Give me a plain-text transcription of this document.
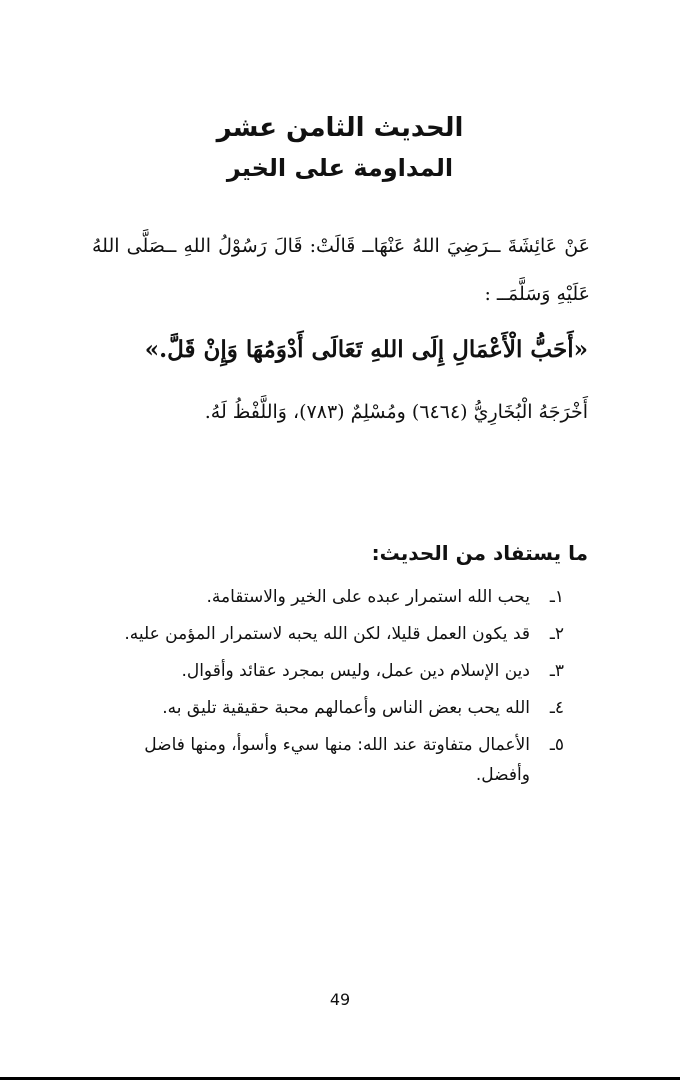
الحديث الثامن عشر
المداومة على الخير

عَنْ عَائِشَةَ ــرَضِيَ اللهُ عَنْهَاــ قَالَتْ: قَالَ رَسُوْلُ اللهِ ــصَلَّى اللهُ عَلَيْهِ وَسَلَّمَــ :

«أَحَبُّ الْأَعْمَالِ إِلَى اللهِ تَعَالَى أَدْوَمُهَا وَإِنْ قَلَّ.»

أَخْرَجَهُ الْبُخَارِيُّ (٦٤٦٤) ومُسْلِمٌ (٧٨٣)، وَاللَّفْظُ لَهُ.

ما يستفاد من الحديث:
١ـ
يحب الله استمرار عبده على الخير والاستقامة.
٢ـ
قد يكون العمل قليلا، لكن الله يحبه لاستمرار المؤمن عليه.
٣ـ
دين الإسلام دين عمل، وليس بمجرد عقائد وأقوال.
٤ـ
الله يحب بعض الناس وأعمالهم محبة حقيقية تليق به.
٥ـ
الأعمال متفاوتة عند الله: منها سيء وأسوأ، ومنها فاضل وأفضل.
49
